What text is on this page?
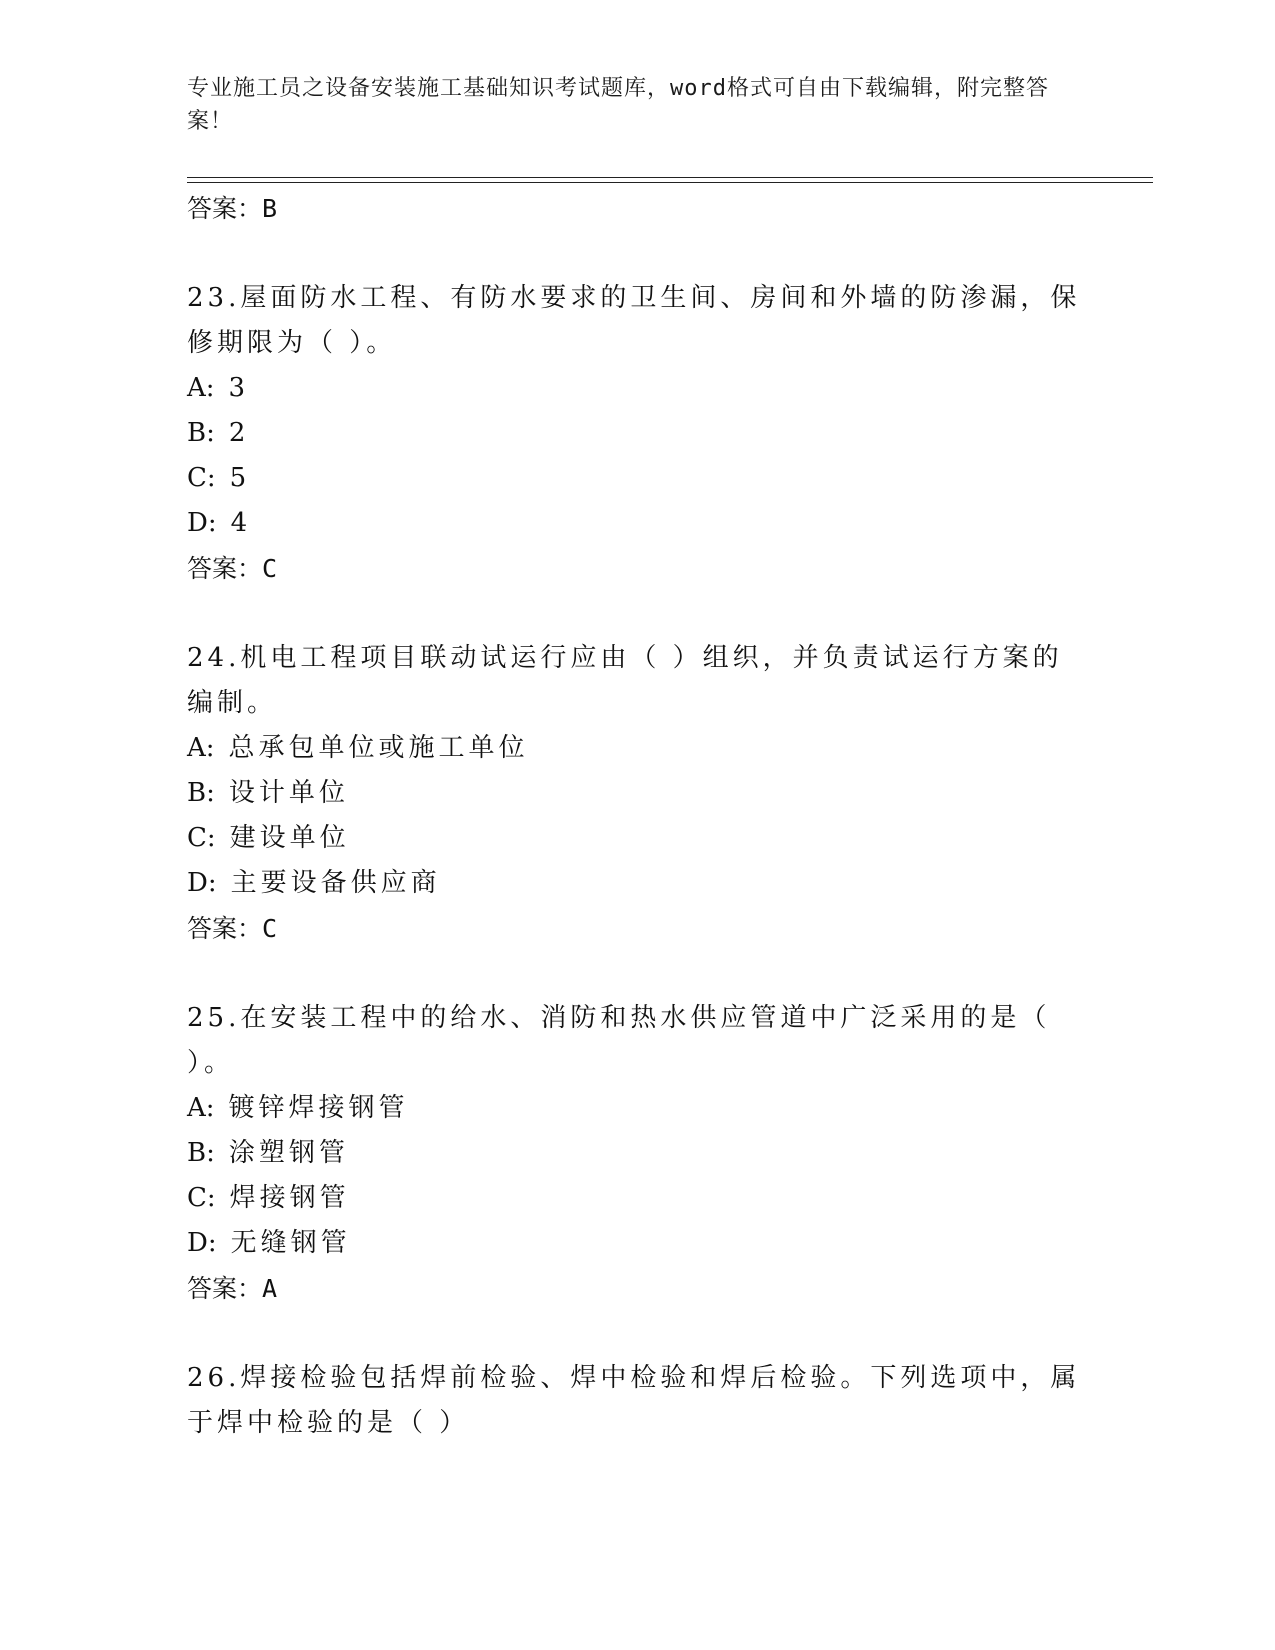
专业施工员之设备安装施工基础知识考试题库，word格式可自由下载编辑，附完整答案！
答案：B
23.屋面防水工程、有防水要求的卫生间、房间和外墙的防渗漏，保修期限为（ ）。
A: 3
B: 2
C: 5
D: 4
答案：C
24.机电工程项目联动试运行应由（ ）组织，并负责试运行方案的编制。
A: 总承包单位或施工单位
B: 设计单位
C: 建设单位
D: 主要设备供应商
答案：C
25.在安装工程中的给水、消防和热水供应管道中广泛采用的是（ ）。
A: 镀锌焊接钢管
B: 涂塑钢管
C: 焊接钢管
D: 无缝钢管
答案：A
26.焊接检验包括焊前检验、焊中检验和焊后检验。下列选项中，属于焊中检验的是（ ）
